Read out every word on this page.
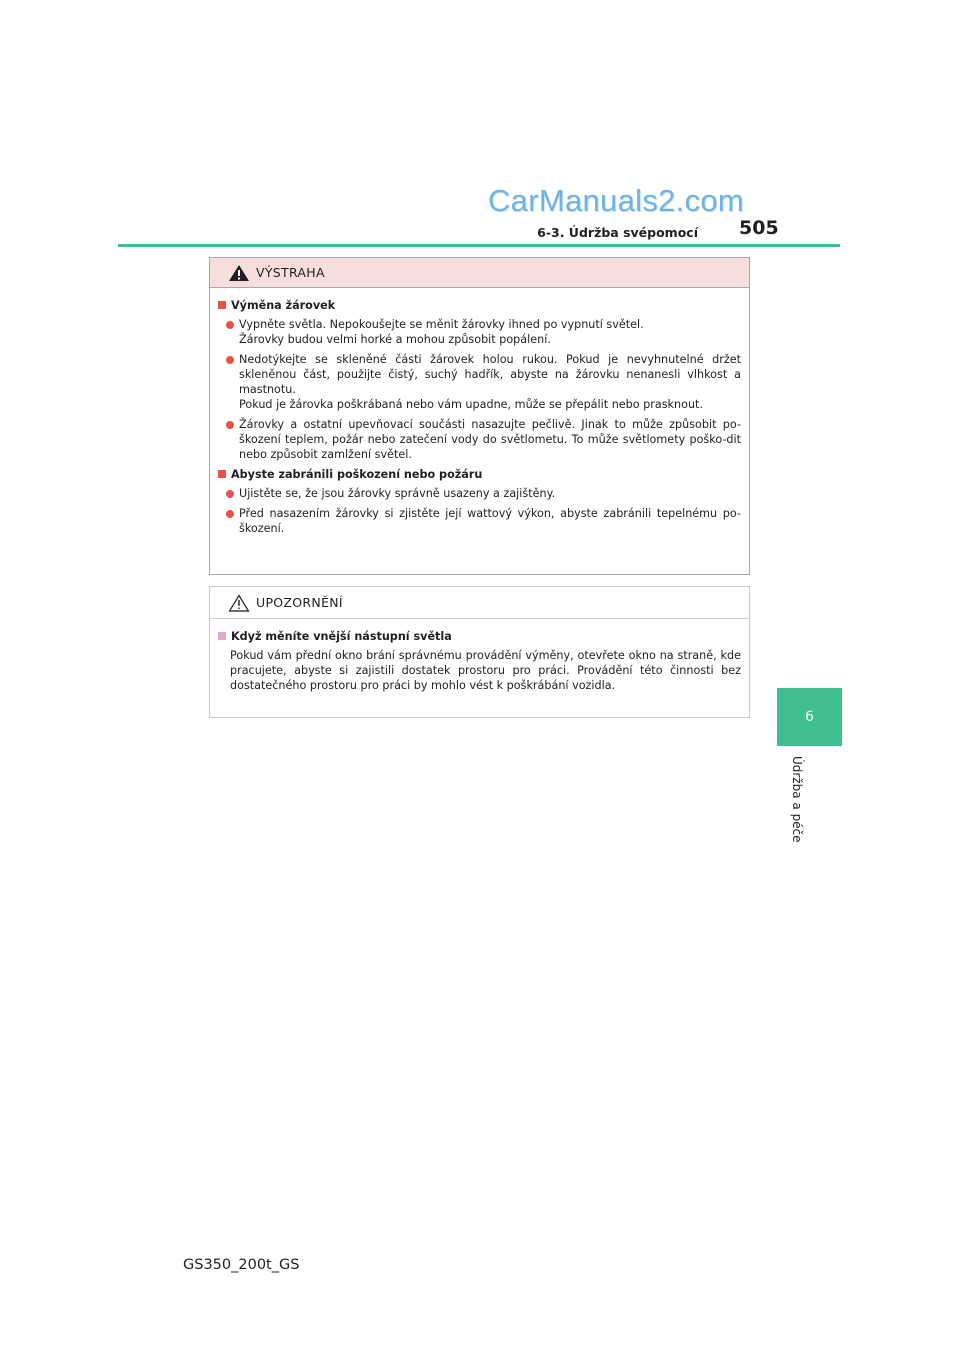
CarManuals2.com
6-3. Údržba svépomocí 505
6
Údržba a péče
VÝSTRAHA
Výměna žárovek
Vypněte světla. Nepokoušejte se měnit žárovky ihned po vypnutí světel.
Žárovky budou velmi horké a mohou způsobit popálení.
Nedotýkejte se skleněné části žárovek holou rukou. Pokud je nevyhnutelné držet skleněnou část, použijte čistý, suchý hadřík, abyste na žárovku nenanesli vlhkost a mastnotu.
Pokud je žárovka poškrábaná nebo vám upadne, může se přepálit nebo prasknout.
Žárovky a ostatní upevňovací součásti nasazujte pečlivě. Jinak to může způsobit po-škození teplem, požár nebo zatečení vody do světlometu. To může světlomety poško-dit nebo způsobit zamlžení světel.
Abyste zabránili poškození nebo požáru
Ujistěte se, že jsou žárovky správně usazeny a zajištěny.
Před nasazením žárovky si zjistěte její wattový výkon, abyste zabránili tepelnému po-škození.
UPOZORNĚNÍ
Když měníte vnější nástupní světla
Pokud vám přední okno brání správnému provádění výměny, otevřete okno na straně, kde pracujete, abyste si zajistili dostatek prostoru pro práci. Provádění této činnosti bez dostatečného prostoru pro práci by mohlo vést k poškrábání vozidla.
GS350_200t_GS
